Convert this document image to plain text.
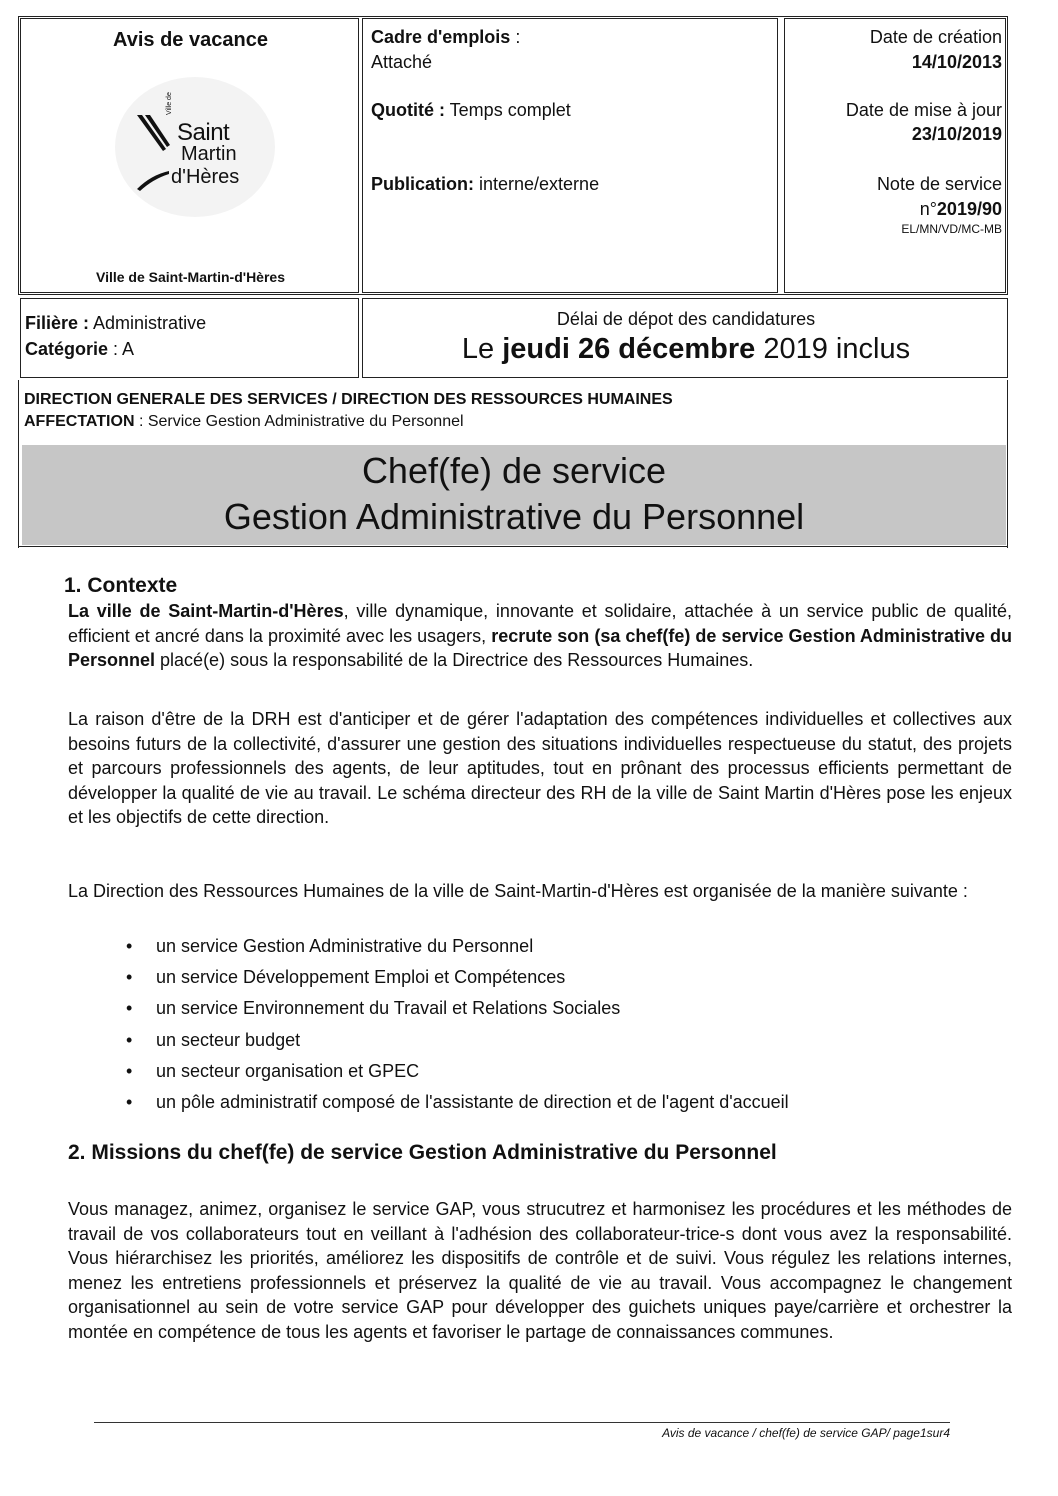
Avis de vacance
Ville de
Saint
Martin
d'Hères
Ville de Saint-Martin-d'Hères
Cadre d'emplois :
Attaché
Quotité : Temps complet
Publication: interne/externe
Date de création
14/10/2013
Date de mise à jour
23/10/2019
Note de service
n°2019/90
EL/MN/VD/MC-MB
Filière : Administrative
Catégorie : A
Délai de dépot des candidatures
Le jeudi 26 décembre 2019 inclus
DIRECTION GENERALE DES SERVICES / DIRECTION DES RESSOURCES HUMAINES
AFFECTATION : Service Gestion Administrative du Personnel
Chef(fe) de service
Gestion Administrative du Personnel
1. Contexte

La ville de Saint-Martin-d'Hères, ville dynamique, innovante et solidaire, attachée à un service public de qualité, efficient et ancré dans la proximité avec les usagers, recrute son (sa chef(fe) de service Gestion Administrative du Personnel placé(e) sous la responsabilité de la Directrice des Ressources Humaines.

La raison d'être de la DRH est d'anticiper et de gérer l'adaptation des compétences individuelles et collectives aux besoins futurs de la collectivité, d'assurer une gestion des situations individuelles respectueuse du statut, des projets et parcours professionnels des agents, de leur aptitudes, tout en prônant des processus efficients permettant de développer la qualité de vie au travail. Le schéma directeur des RH de la ville de Saint Martin d'Hères pose les enjeux et les objectifs de cette direction.

La Direction des Ressources Humaines de la ville de Saint-Martin-d'Hères est organisée de la manière suivante :

• un service Gestion Administrative du Personnel
• un service Développement Emploi et Compétences
• un service Environnement du Travail et Relations Sociales
• un secteur budget
• un secteur organisation et GPEC
• un pôle administratif composé de l'assistante de direction et de l'agent d'accueil
2. Missions du chef(fe) de service Gestion Administrative du Personnel

Vous managez, animez, organisez le service GAP, vous strucutrez et harmonisez les procédures et les méthodes de travail de vos collaborateurs tout en veillant à l'adhésion des collaborateur-trice-s dont vous avez la responsabilité. Vous hiérarchisez les priorités, améliorez les dispositifs de contrôle et de suivi. Vous régulez les relations internes, menez les entretiens professionnels et préservez la qualité de vie au travail. Vous accompagnez le changement organisationnel au sein de votre service GAP pour développer des guichets uniques paye/carrière et orchestrer la montée en compétence de tous les agents et favoriser le partage de connaissances communes.

Avis de vacance / chef(fe) de service GAP/ page1sur4
